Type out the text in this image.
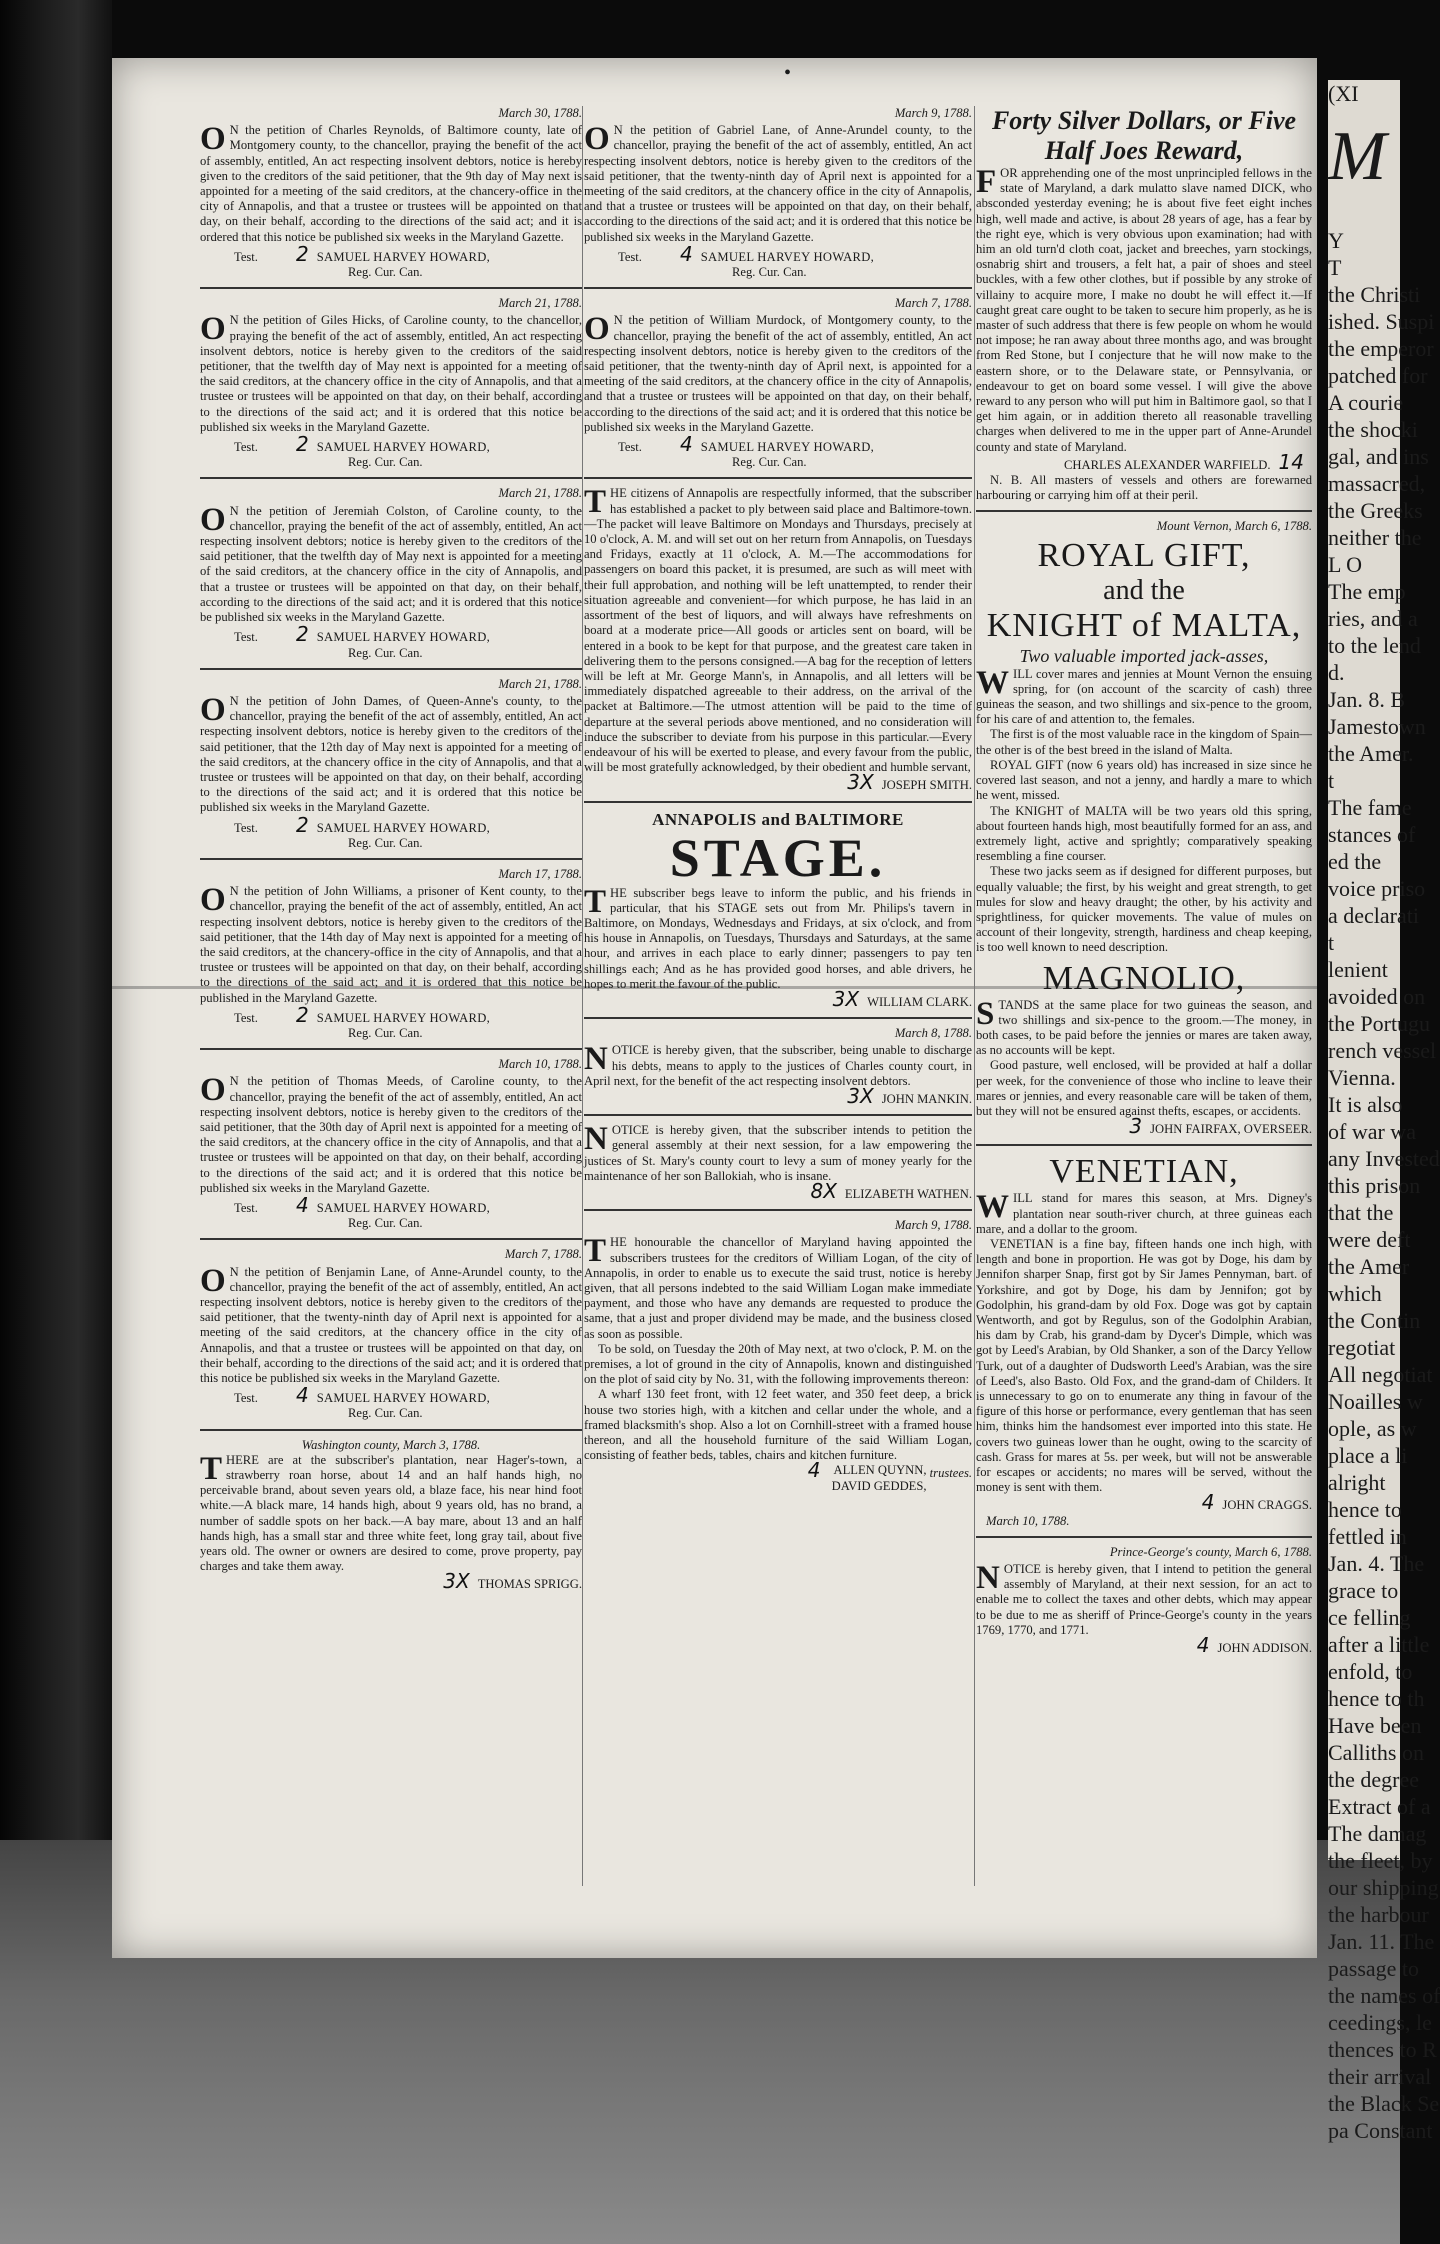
•
March 30, 1788.

O N the petition of Charles Reynolds, of Baltimore county, late of Montgomery county, to the chancellor, praying the benefit of the act of assembly, entitled, An act respecting insolvent debtors, notice is hereby given to the creditors of the said petitioner, that the 9th day of May next is appointed for a meeting of the said creditors, at the chancery-office in the city of Annapolis, and that a trustee or trustees will be appointed on that day, on their behalf, according to the directions of the said act; and it is ordered that this notice be published six weeks in the Maryland Gazette.

Test. 2 SAMUEL HARVEY HOWARD,
Reg. Cur. Can.
March 21, 1788.

O N the petition of Giles Hicks, of Caroline county, to the chancellor, praying the benefit of the act of assembly, entitled, An act respecting insolvent debtors, notice is hereby given to the creditors of the said petitioner, that the twelfth day of May next is appointed for a meeting of the said creditors, at the chancery office in the city of Annapolis, and that a trustee or trustees will be appointed on that day, on their behalf, according to the directions of the said act; and it is ordered that this notice be published six weeks in the Maryland Gazette.

Test. 2 SAMUEL HARVEY HOWARD,
Reg. Cur. Can.
March 21, 1788.

O N the petition of Jeremiah Colston, of Caroline county, to the chancellor, praying the benefit of the act of assembly, entitled, An act respecting insolvent debtors; notice is hereby given to the creditors of the said petitioner, that the twelfth day of May next is appointed for a meeting of the said creditors, at the chancery office in the city of Annapolis, and that a trustee or trustees will be appointed on that day, on their behalf, according to the directions of the said act; and it is ordered that this notice be published six weeks in the Maryland Gazette.

Test. 2 SAMUEL HARVEY HOWARD,
Reg. Cur. Can.
March 21, 1788.

O N the petition of John Dames, of Queen-Anne's county, to the chancellor, praying the benefit of the act of assembly, entitled, An act respecting insolvent debtors, notice is hereby given to the creditors of the said petitioner, that the 12th day of May next is appointed for a meeting of the said creditors, at the chancery office in the city of Annapolis, and that a trustee or trustees will be appointed on that day, on their behalf, according to the directions of the said act; and it is ordered that this notice be published six weeks in the Maryland Gazette.

Test. 2 SAMUEL HARVEY HOWARD,
Reg. Cur. Can.
March 17, 1788.

O N the petition of John Williams, a prisoner of Kent county, to the chancellor, praying the benefit of the act of assembly, entitled, An act respecting insolvent debtors, notice is hereby given to the creditors of the said petitioner, that the 14th day of May next is appointed for a meeting of the said creditors, at the chancery-office in the city of Annapolis, and that a trustee or trustees will be appointed on that day, on their behalf, according to the directions of the said act; and it is ordered that this notice be published in the Maryland Gazette.

Test. 2 SAMUEL HARVEY HOWARD,
Reg. Cur. Can.
March 10, 1788.

O N the petition of Thomas Meeds, of Caroline county, to the chancellor, praying the benefit of the act of assembly, entitled, An act respecting insolvent debtors, notice is hereby given to the creditors of the said petitioner, that the 30th day of April next is appointed for a meeting of the said creditors, at the chancery office in the city of Annapolis, and that a trustee or trustees will be appointed on that day, on their behalf, according to the directions of the said act; and it is ordered that this notice be published six weeks in the Maryland Gazette.

Test. 4 SAMUEL HARVEY HOWARD,
Reg. Cur. Can.
March 7, 1788.

O N the petition of Benjamin Lane, of Anne-Arundel county, to the chancellor, praying the benefit of the act of assembly, entitled, An act respecting insolvent debtors, notice is hereby given to the creditors of the said petitioner, that the twenty-ninth day of April next is appointed for a meeting of the said creditors, at the chancery office in the city of Annapolis, and that a trustee or trustees will be appointed on that day, on their behalf, according to the directions of the said act; and it is ordered that this notice be published six weeks in the Maryland Gazette.

Test. 4 SAMUEL HARVEY HOWARD,
Reg. Cur. Can.
Washington county, March 3, 1788.

THERE are at the subscriber's plantation, near Hager's-town, a strawberry roan horse, about 14 and an half hands high, no perceivable brand, about seven years old, a blaze face, his near hind foot white.—A black mare, 14 hands high, about 9 years old, has no brand, a number of saddle spots on her back.—A bay mare, about 13 and an half hands high, has a small star and three white feet, long gray tail, about five years old. The owner or owners are desired to come, prove property, pay charges and take them away.

3X THOMAS SPRIGG.
March 9, 1788.

O N the petition of Gabriel Lane, of Anne-Arundel county, to the chancellor, praying the benefit of the act of assembly, entitled, An act respecting insolvent debtors, notice is hereby given to the creditors of the said petitioner, that the twenty-ninth day of April next is appointed for a meeting of the said creditors, at the chancery office in the city of Annapolis, and that a trustee or trustees will be appointed on that day, on their behalf, according to the directions of the said act; and it is ordered that this notice be published six weeks in the Maryland Gazette.

Test. 4 SAMUEL HARVEY HOWARD,
Reg. Cur. Can.
March 7, 1788.

O N the petition of William Murdock, of Montgomery county, to the chancellor, praying the benefit of the act of assembly, entitled, An act respecting insolvent debtors, notice is hereby given to the creditors of the said petitioner, that the twenty-ninth day of April next, is appointed for a meeting of the said creditors, at the chancery office in the city of Annapolis, and that a trustee or trustees will be appointed on that day, on their behalf, according to the directions of the said act; and it is ordered that this notice be published six weeks in the Maryland Gazette.

Test. 4 SAMUEL HARVEY HOWARD,
Reg. Cur. Can.

THE citizens of Annapolis are respectfully informed, that the subscriber has established a packet to ply between said place and Baltimore-town.—The packet will leave Baltimore on Mondays and Thursdays, precisely at 10 o'clock, A. M. and will set out on her return from Annapolis, on Tuesdays and Fridays, exactly at 11 o'clock, A. M.—The accommodations for passengers on board this packet, it is presumed, are such as will meet with their full approbation, and nothing will be left unattempted, to render their situation agreeable and convenient—for which purpose, he has laid in an assortment of the best of liquors, and will always have refreshments on board at a moderate price—All goods or articles sent on board, will be entered in a book to be kept for that purpose, and the greatest care taken in delivering them to the persons consigned.—A bag for the reception of letters will be left at Mr. George Mann's, in Annapolis, and all letters will be immediately dispatched agreeable to their address, on the arrival of the packet at Baltimore.—The utmost attention will be paid to the time of departure at the several periods above mentioned, and no consideration will induce the subscriber to deviate from his purpose in this particular.—Every endeavour of his will be exerted to please, and every favour from the public, will be most gratefully acknowledged, by their obedient and humble servant,

3X JOSEPH SMITH.
ANNAPOLIS and BALTIMORE
STAGE.

THE subscriber begs leave to inform the public, and his friends in particular, that his STAGE sets out from Mr. Philips's tavern in Baltimore, on Mondays, Wednesdays and Fridays, at six o'clock, and from his house in Annapolis, on Tuesdays, Thursdays and Saturdays, at the same hour, and arrives in each place to early dinner; passengers to pay ten shillings each; And as he has provided good horses, and able drivers, he hopes to merit the favour of the public.

3X WILLIAM CLARK.
March 8, 1788.

NOTICE is hereby given, that the subscriber, being unable to discharge his debts, means to apply to the justices of Charles county court, in April next, for the benefit of the act respecting insolvent debtors.

3X JOHN MANKIN.

NOTICE is hereby given, that the subscriber intends to petition the general assembly at their next session, for a law empowering the justices of St. Mary's county court to levy a sum of money yearly for the maintenance of her son Ballokiah, who is insane.

8X ELIZABETH WATHEN.
March 9, 1788.

THE honourable the chancellor of Maryland having appointed the subscribers trustees for the creditors of William Logan, of the city of Annapolis, in order to enable us to execute the said trust, notice is hereby given, that all persons indebted to the said William Logan make immediate payment, and those who have any demands are requested to produce the same, that a just and proper dividend may be made, and the business closed as soon as possible.

To be sold, on Tuesday the 20th of May next, at two o'clock, P. M. on the premises, a lot of ground in the city of Annapolis, known and distinguished on the plot of said city by No. 31, with the following improvements thereon:

A wharf 130 feet front, with 12 feet water, and 350 feet deep, a brick house two stories high, with a kitchen and cellar under the whole, and a framed blacksmith's shop. Also a lot on Cornhill-street with a framed house thereon, and all the household furniture of the said William Logan, consisting of feather beds, tables, chairs and kitchen furniture.

4 ALLEN QUYNN,
DAVID GEDDES,
trustees.
Forty Silver Dollars, or Five
Half Joes Reward,

FOR apprehending one of the most unprincipled fellows in the state of Maryland, a dark mulatto slave named DICK, who absconded yesterday evening; he is about five feet eight inches high, well made and active, is about 28 years of age, has a fear by the right eye, which is very obvious upon examination; had with him an old turn'd cloth coat, jacket and breeches, yarn stockings, osnabrig shirt and trousers, a felt hat, a pair of shoes and steel buckles, with a few other clothes, but if possible by any stroke of villainy to acquire more, I make no doubt he will effect it.—If caught great care ought to be taken to secure him properly, as he is master of such address that there is few people on whom he would not impose; he ran away about three months ago, and was brought from Red Stone, but I conjecture that he will now make to the eastern shore, or to the Delaware state, or Pennsylvania, or endeavour to get on board some vessel. I will give the above reward to any person who will put him in Baltimore gaol, so that I get him again, or in addition thereto all reasonable travelling charges when delivered to me in the upper part of Anne-Arundel county and state of Maryland.

CHARLES ALEXANDER WARFIELD. 14

N. B. All masters of vessels and others are forewarned harbouring or carrying him off at their peril.

Mount Vernon, March 6, 1788.
ROYAL GIFT,
and the
KNIGHT of MALTA,
Two valuable imported jack-asses,

WILL cover mares and jennies at Mount Vernon the ensuing spring, for (on account of the scarcity of cash) three guineas the season, and two shillings and six-pence to the groom, for his care of and attention to, the females.

The first is of the most valuable race in the kingdom of Spain—the other is of the best breed in the island of Malta.

ROYAL GIFT (now 6 years old) has increased in size since he covered last season, and not a jenny, and hardly a mare to which he went, missed.

The KNIGHT of MALTA will be two years old this spring, about fourteen hands high, most beautifully formed for an ass, and extremely light, active and sprightly; comparatively speaking resembling a fine courser.

These two jacks seem as if designed for different purposes, but equally valuable; the first, by his weight and great strength, to get mules for slow and heavy draught; the other, by his activity and sprightliness, for quicker movements. The value of mules on account of their longevity, strength, hardiness and cheap keeping, is too well known to need description.

MAGNOLIO,

STANDS at the same place for two guineas the season, and two shillings and six-pence to the groom.—The money, in both cases, to be paid before the jennies or mares are taken away, as no accounts will be kept.

Good pasture, well enclosed, will be provided at half a dollar per week, for the convenience of those who incline to leave their mares or jennies, and every reasonable care will be taken of them, but they will not be ensured against thefts, escapes, or accidents.

3 JOHN FAIRFAX, OVERSEER.
VENETIAN,

WILL stand for mares this season, at Mrs. Digney's plantation near south-river church, at three guineas each mare, and a dollar to the groom.

VENETIAN is a fine bay, fifteen hands one inch high, with length and bone in proportion. He was got by Doge, his dam by Jennifon sharper Snap, first got by Sir James Pennyman, bart. of Yorkshire, and got by Doge, his dam by Jennifon; got by Godolphin, his grand-dam by old Fox. Doge was got by captain Wentworth, and got by Regulus, son of the Godolphin Arabian, his dam by Crab, his grand-dam by Dycer's Dimple, which was got by Leed's Arabian, by Old Shanker, a son of the Darcy Yellow Turk, out of a daughter of Dudsworth Leed's Arabian, was the sire of Leed's, also Basto. Old Fox, and the grand-dam of Childers. It is unnecessary to go on to enumerate any thing in favour of the figure of this horse or performance, every gentleman that has seen him, thinks him the handsomest ever imported into this state. He covers two guineas lower than he ought, owing to the scarcity of cash. Grass for mares at 5s. per week, but will not be answerable for escapes or accidents; no mares will be served, without the money is sent with them.

4 JOHN CRAGGS.
March 10, 1788.
Prince-George's county, March 6, 1788.

NOTICE is hereby given, that I intend to petition the general assembly of Maryland, at their next session, for an act to enable me to collect the taxes and other debts, which may appear to be due to me as sheriff of Prince-George's county in the years 1769, 1770, and 1771.

4 JOHN ADDISON.
(XI
M
Y
T
the Christi
ished. Suspi
the emperor
patched for
A courie
the shocki
gal, and ins
massacred,
the Greeks
neither the
L O
The emp
ries, and a
to the lend
d.
Jan. 8. B
Jamestown
the Amer.
t
The fame
stances of
ed the
voice priso
a declarati
t
lenient
avoided on
the Portugu
rench vessel
Vienna.
It is also
of war wa
any Invested
this prison
that the
were deft
the Amer
which
the Contin
regotiat
All negotiat
Noailles w
ople, as w
place a li
alright
hence to
fettled in
Jan. 4. The
grace to
ce felling
after a little
enfold, to
hence to th
Have been
Calliths on
the degree
Extract of a
The damag
the fleet, by
our shipping
the harbour
Jan. 11. The
passage to
the names of
ceedings, le
thences to R
their arrival
the Black Se
pa Constant
